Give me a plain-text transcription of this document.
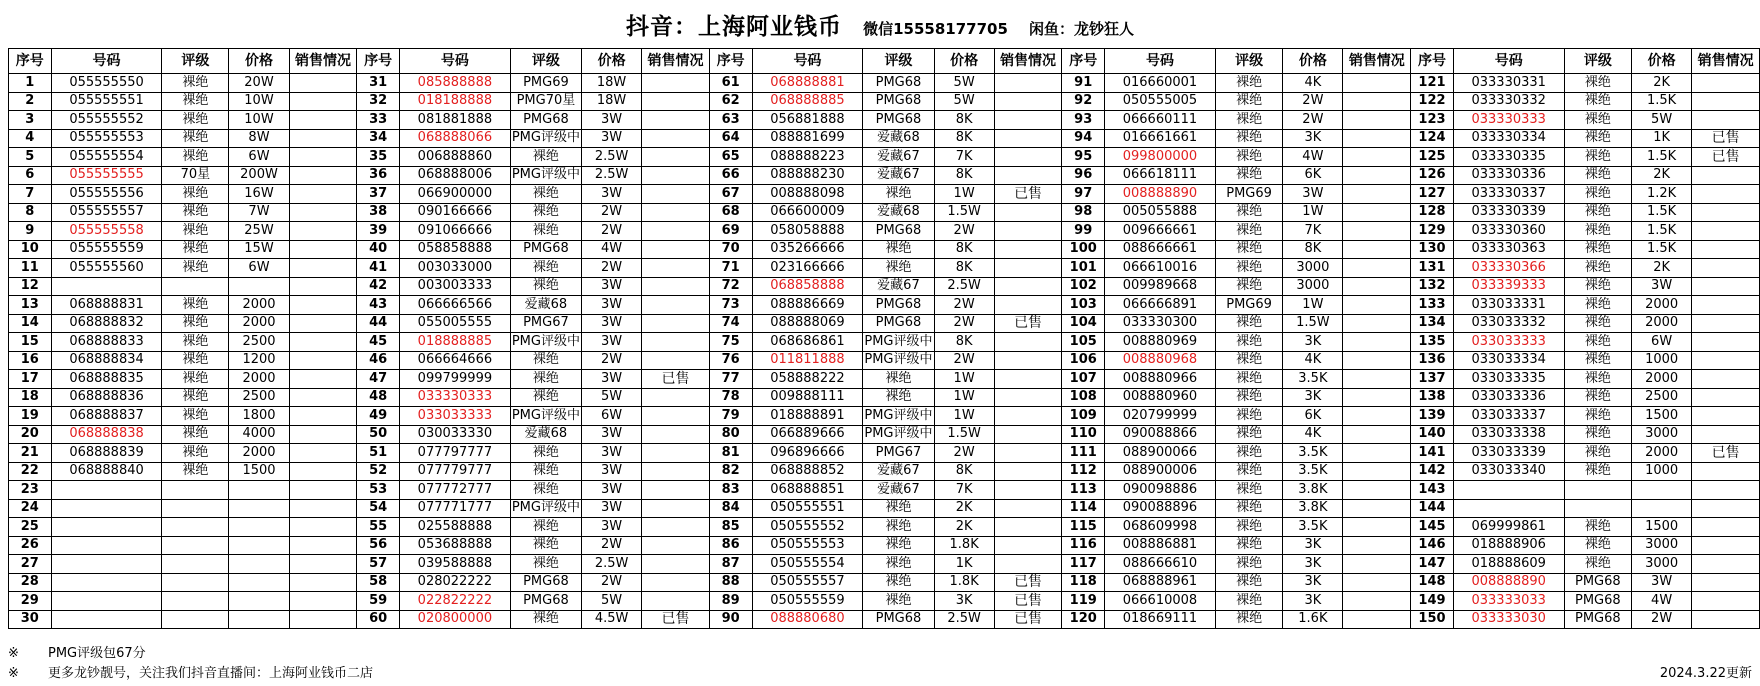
抖音：上海阿业钱币 微信15558177705 闲鱼：龙钞狂人
序号	号码	评级	价格	销售情况	序号	号码	评级	价格	销售情况	序号	号码	评级	价格	销售情况	序号	号码	评级	价格	销售情况	序号	号码	评级	价格	销售情况
1	055555550	裸绝	20W		31	085888888	PMG69	18W		61	068888881	PMG68	5W		91	016660001	裸绝	4K		121	033330331	裸绝	2K	
2	055555551	裸绝	10W		32	018188888	PMG70星	18W		62	068888885	PMG68	5W		92	050555005	裸绝	2W		122	033330332	裸绝	1.5K	
3	055555552	裸绝	10W		33	081881888	PMG68	3W		63	056881888	PMG68	8K		93	066660111	裸绝	2W		123	033330333	裸绝	5W	
4	055555553	裸绝	8W		34	068888066	PMG评级中	3W		64	088881699	爱藏68	8K		94	016661661	裸绝	3K		124	033330334	裸绝	1K	已售
5	055555554	裸绝	6W		35	006888860	裸绝	2.5W		65	088888223	爱藏67	7K		95	099800000	裸绝	4W		125	033330335	裸绝	1.5K	已售
6	055555555	70星	200W		36	068888006	PMG评级中	2.5W		66	088888230	爱藏67	8K		96	066618111	裸绝	6K		126	033330336	裸绝	2K	
7	055555556	裸绝	16W		37	066900000	裸绝	3W		67	008888098	裸绝	1W	已售	97	008888890	PMG69	3W		127	033330337	裸绝	1.2K	
8	055555557	裸绝	7W		38	090166666	裸绝	2W		68	066600009	爱藏68	1.5W		98	005055888	裸绝	1W		128	033330339	裸绝	1.5K	
9	055555558	裸绝	25W		39	091066666	裸绝	2W		69	058058888	PMG68	2W		99	009666661	裸绝	7K		129	033330360	裸绝	1.5K	
10	055555559	裸绝	15W		40	058858888	PMG68	4W		70	035266666	裸绝	8K		100	088666661	裸绝	8K		130	033330363	裸绝	1.5K	
11	055555560	裸绝	6W		41	003033000	裸绝	2W		71	023166666	裸绝	8K		101	066610016	裸绝	3000		131	033330366	裸绝	2K	
12					42	003003333	裸绝	3W		72	068858888	爱藏67	2.5W		102	009989668	裸绝	3000		132	033339333	裸绝	3W	
13	068888831	裸绝	2000		43	066666566	爱藏68	3W		73	088886669	PMG68	2W		103	066666891	PMG69	1W		133	033033331	裸绝	2000	
14	068888832	裸绝	2000		44	055005555	PMG67	3W		74	088888069	PMG68	2W	已售	104	033330300	裸绝	1.5W		134	033033332	裸绝	2000	
15	068888833	裸绝	2500		45	018888885	PMG评级中	3W		75	068686861	PMG评级中	8K		105	008880969	裸绝	3K		135	033033333	裸绝	6W	
16	068888834	裸绝	1200		46	066664666	裸绝	2W		76	011811888	PMG评级中	2W		106	008880968	裸绝	4K		136	033033334	裸绝	1000	
17	068888835	裸绝	2000		47	099799999	裸绝	3W	已售	77	058888222	裸绝	1W		107	008880966	裸绝	3.5K		137	033033335	裸绝	2000	
18	068888836	裸绝	2500		48	033330333	裸绝	5W		78	009888111	裸绝	1W		108	008880960	裸绝	3K		138	033033336	裸绝	2500	
19	068888837	裸绝	1800		49	033033333	PMG评级中	6W		79	018888891	PMG评级中	1W		109	020799999	裸绝	6K		139	033033337	裸绝	1500	
20	068888838	裸绝	4000		50	030033330	爱藏68	3W		80	066889666	PMG评级中	1.5W		110	090088866	裸绝	4K		140	033033338	裸绝	3000	
21	068888839	裸绝	2000		51	077797777	裸绝	3W		81	096896666	PMG67	2W		111	088900066	裸绝	3.5K		141	033033339	裸绝	2000	已售
22	068888840	裸绝	1500		52	077779777	裸绝	3W		82	068888852	爱藏67	8K		112	088900006	裸绝	3.5K		142	033033340	裸绝	1000	
23					53	077772777	裸绝	3W		83	068888851	爱藏67	7K		113	090098886	裸绝	3.8K		143				
24					54	077771777	PMG评级中	3W		84	050555551	裸绝	2K		114	090088896	裸绝	3.8K		144				
25					55	025588888	裸绝	3W		85	050555552	裸绝	2K		115	068609998	裸绝	3.5K		145	069999861	裸绝	1500	
26					56	053688888	裸绝	2W		86	050555553	裸绝	1.8K		116	008886881	裸绝	3K		146	018888906	裸绝	3000	
27					57	039588888	裸绝	2.5W		87	050555554	裸绝	1K		117	088666610	裸绝	3K		147	018888609	裸绝	3000	
28					58	028022222	PMG68	2W		88	050555557	裸绝	1.8K	已售	118	068888961	裸绝	3K		148	008888890	PMG68	3W	
29					59	022822222	PMG68	5W		89	050555559	裸绝	3K	已售	119	066610008	裸绝	3K		149	033333033	PMG68	4W	
30					60	020800000	裸绝	4.5W	已售	90	088880680	PMG68	2.5W	已售	120	018669111	裸绝	1.6K		150	033333030	PMG68	2W	
※ PMG评级包67分
※ 更多龙钞靓号，关注我们抖音直播间：上海阿业钱币二店	2024.3.22更新
